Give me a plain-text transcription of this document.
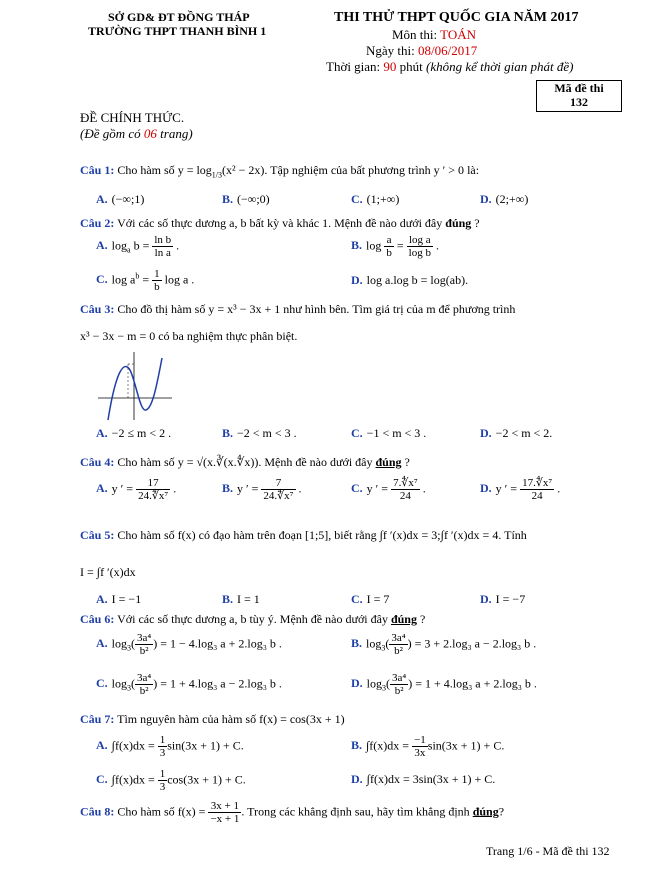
SỞ GD& ĐT ĐỒNG THÁP
TRƯỜNG THPT THANH BÌNH 1
THI THỬ THPT QUỐC GIA NĂM 2017
Môn thi: TOÁN
Ngày thi: 08/06/2017
Thời gian: 90 phút (không kể thời gian phát đề)
Mã đề thi
132
ĐỀ CHÍNH THỨC.
(Đề gồm có 06 trang)
Câu 1: Cho hàm số $y = \log_{1/3}(x^2 - 2x)$. Tập nghiệm của bất phương trình y ′ > 0 là:
A. (−∞;1)	B. (−∞;0)	C. (1;+∞)	D. (2;+∞)
Câu 2: Với các số thực dương a, b bất kỳ và khác 1. Mệnh đề nào dưới đây đúng ?
A. $\log_a b = \frac{\text{ln b}}{\text{ln a}}$ .	B. $\log \frac{a}{b} = \frac{\text{log a}}{\text{log b}}$ .
C. $\log a^b = \frac{1}{b}$ log a .	D. log a.log b = log(ab).
Câu 3: Cho đồ thị hàm số y = x³ − 3x + 1 như hình bên. Tìm giá trị của m để phương trình
x³ − 3x − m = 0 có ba nghiệm thực phân biệt.
A. −2 ≤ m < 2 .	B. −2 < m < 3 .	C. −1 < m < 3 .	D. −2 < m < 2.
Câu 4: Cho hàm số y = √(x.∛(x.∜x)). Mệnh đề nào dưới đây đúng ?
A. y ′ = $\frac{17}{\text{24.∜x⁷}}$ .	B. y ′ = $\frac{7}{\text{24.∜x⁷}}$ .	C. y ′ = $\frac{\text{7.∜x⁷}}{24}$ .	D. y ′ = $\frac{\text{17.∜x⁷}}{24}$ .
Câu 5: Cho hàm số f(x) có đạo hàm trên đoạn [1;5], biết rằng ∫f ′(x)dx = 3;∫f ′(x)dx = 4. Tính
I = ∫f ′(x)dx
A. I = −1	B. I = 1	C. I = 7	D. I = −7
Câu 6: Với các số thực dương a, b tùy ý. Mệnh đề nào dưới đây đúng ?
A. $\log_3( \frac{\text{3a⁴}}{\text{b²}}$ ) = 1 − 4.log₃ a + 2.log₃ b .	B. $\log_3( \frac{\text{3a⁴}}{\text{b²}}$ ) = 3 + 2.log₃ a − 2.log₃ b .
C. $\log_3( \frac{\text{3a⁴}}{\text{b²}}$ ) = 1 + 4.log₃ a − 2.log₃ b .	D. $\log_3( \frac{\text{3a⁴}}{\text{b²}}$ ) = 1 + 4.log₃ a + 2.log₃ b .
Câu 7: Tìm nguyên hàm của hàm số f(x) = cos(3x + 1)
A. $\int f(x)dx = \frac{1}{3} \sin(3x + 1) + C$.	B. $\int f(x)dx = \frac{-1}{3x} \sin(3x + 1) + C$.
C. $\int f(x)dx = \frac{1}{3} \cos(3x + 1) + C$.	D. ∫f(x)dx = 3sin(3x + 1) + C.
Câu 8: Cho hàm số $f(x) = \frac{3x + 1}{-x + 1}$ . Trong các khẳng định sau, hãy tìm khẳng định đúng?
Trang 1/6 - Mã đề thi 132
